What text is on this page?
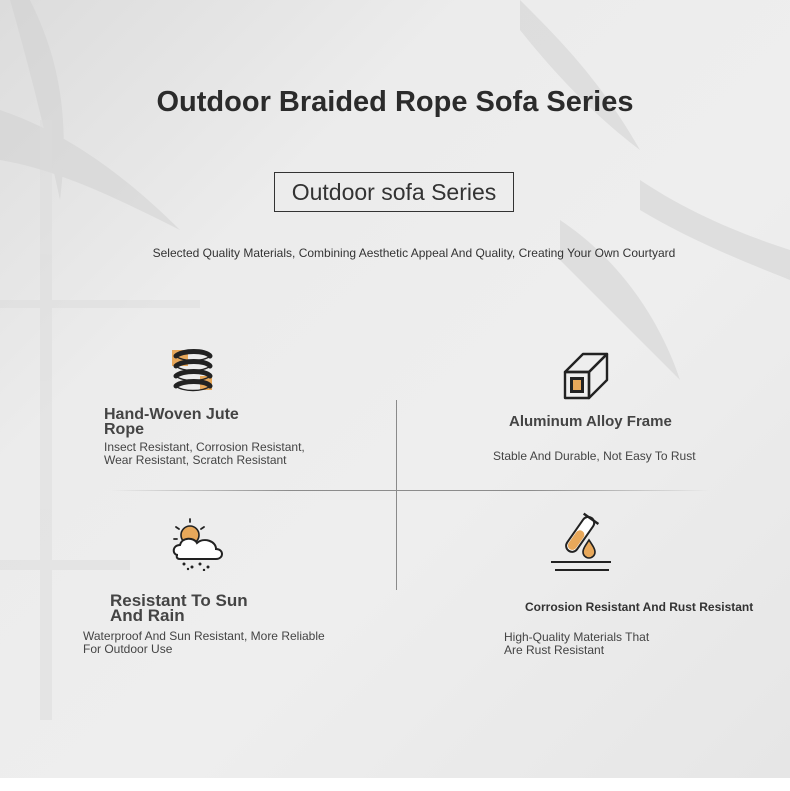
Outdoor Braided Rope Sofa Series
Outdoor sofa Series
Selected Quality Materials, Combining Aesthetic Appeal And Quality, Creating Your Own Courtyard
Hand-Woven Jute Rope
Insect Resistant, Corrosion Resistant, Wear Resistant, Scratch Resistant
Aluminum Alloy Frame
Stable And Durable, Not Easy To Rust
Resistant To Sun And Rain
Waterproof And Sun Resistant, More Reliable For Outdoor Use
Corrosion Resistant And Rust Resistant
High-Quality Materials That Are Rust Resistant
